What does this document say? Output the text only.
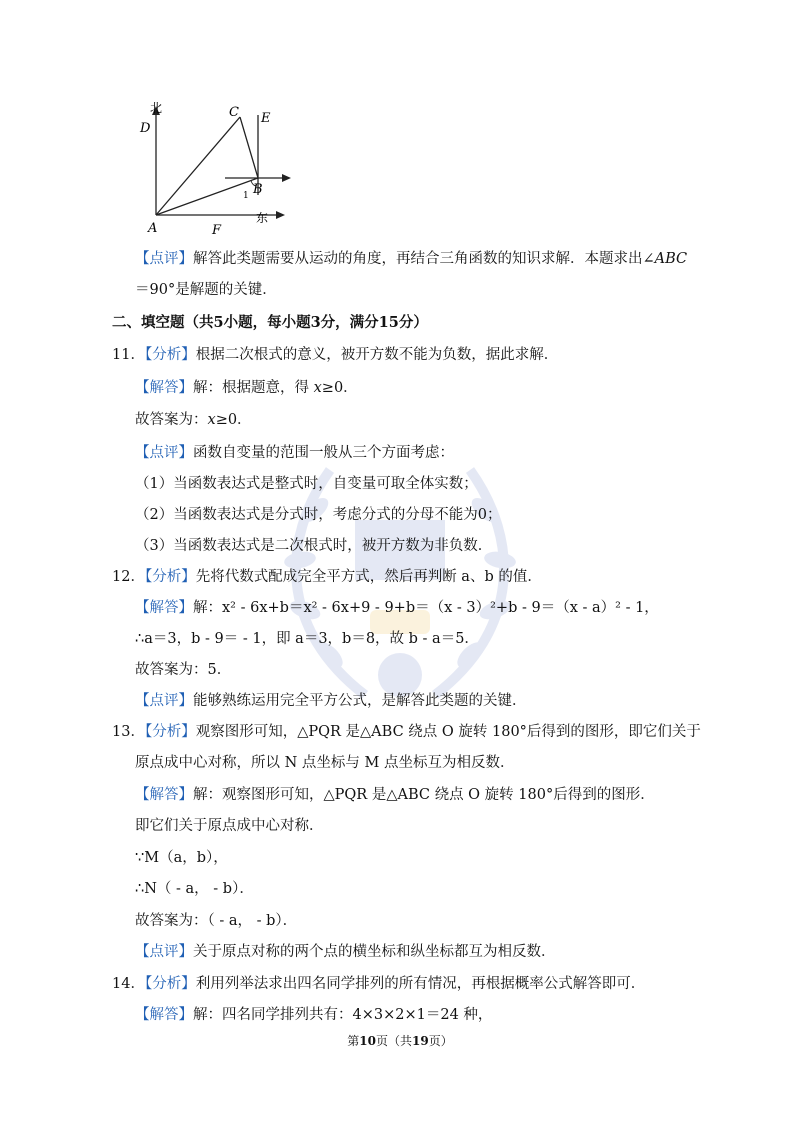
北
D
C E
B
1
A	F
东
【点评】解答此类题需要从运动的角度，再结合三角函数的知识求解．本题求出∠ABC
＝90°是解题的关键．
二、填空题（共5小题，每小题3分，满分15分）
11．【分析】根据二次根式的意义，被开方数不能为负数，据此求解．
【解答】解：根据题意，得 x≥0．
故答案为：x≥0．
【点评】函数自变量的范围一般从三个方面考虑：
（1）当函数表达式是整式时，自变量可取全体实数；
（2）当函数表达式是分式时，考虑分式的分母不能为0；
（3）当函数表达式是二次根式时，被开方数为非负数．
12．【分析】先将代数式配成完全平方式，然后再判断 a、b 的值．
【解答】解：x² - 6x+b＝x² - 6x+9 - 9+b＝（x - 3）²+b - 9＝（x - a）² - 1，
∴a＝3，b - 9＝ - 1，即 a＝3，b＝8，故 b - a＝5．
故答案为：5．
【点评】能够熟练运用完全平方公式，是解答此类题的关键．
13．【分析】观察图形可知，△PQR 是△ABC 绕点 O 旋转 180°后得到的图形，即它们关于
原点成中心对称，所以 N 点坐标与 M 点坐标互为相反数．
【解答】解：观察图形可知，△PQR 是△ABC 绕点 O 旋转 180°后得到的图形．
即它们关于原点成中心对称．
∵M（a，b），
∴N（ - a， - b）．
故答案为：（ - a， - b）．
【点评】关于原点对称的两个点的横坐标和纵坐标都互为相反数．
14．【分析】利用列举法求出四名同学排列的所有情况，再根据概率公式解答即可．
【解答】解：四名同学排列共有：4×3×2×1＝24 种，
第10页（共19页）
